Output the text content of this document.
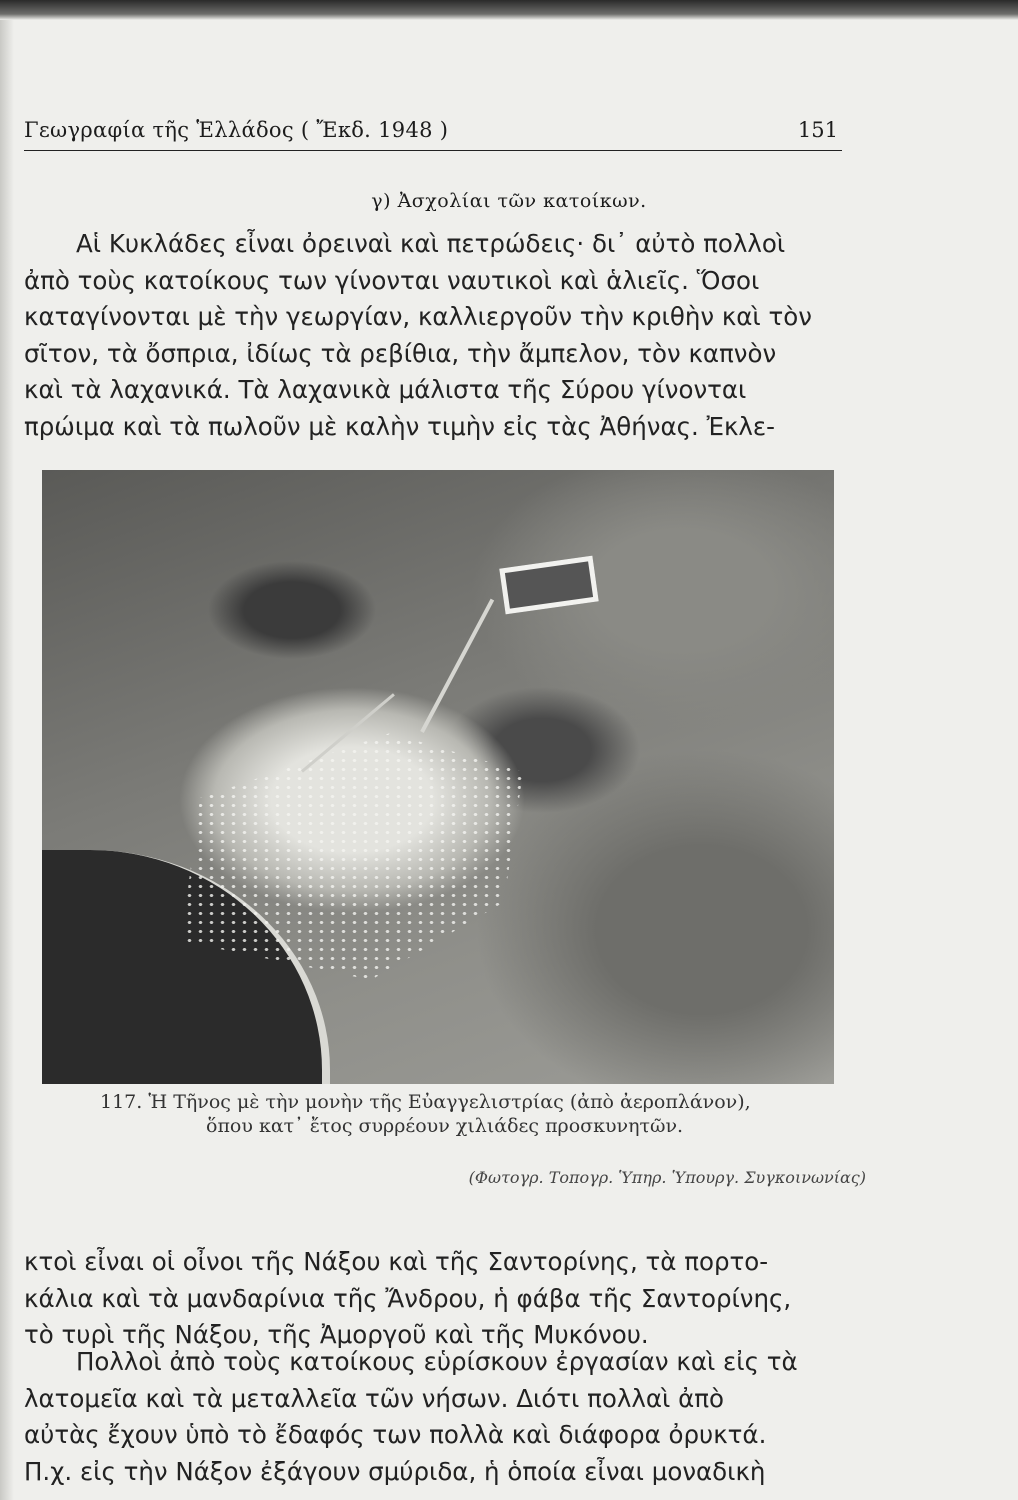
Γεωγραφία τῆς Ἑλλάδος ( Ἔκδ. 1948 )	151
γ) Ἀσχολίαι τῶν κατοίκων.
Αἱ Κυκλάδες εἶναι ὀρειναὶ καὶ πετρώδεις· δι᾽ αὐτὸ πολλοὶ
ἀπὸ τοὺς κατοίκους των γίνονται ναυτικοὶ καὶ ἁλιεῖς. Ὅσοι
καταγίνονται μὲ τὴν γεωργίαν, καλλιεργοῦν τὴν κριθὴν καὶ τὸν
σῖτον, τὰ ὄσπρια, ἰδίως τὰ ρεβίθια, τὴν ἄμπελον, τὸν καπνὸν
καὶ τὰ λαχανικά. Τὰ λαχανικὰ μάλιστα τῆς Σύρου γίνονται
πρώιμα καὶ τὰ πωλοῦν μὲ καλὴν τιμὴν εἰς τὰς Ἀθήνας. Ἐκλε-
117. Ἡ Τῆνος μὲ τὴν μονὴν τῆς Εὐαγγελιστρίας (ἀπὸ ἀεροπλάνον),
ὅπου κατ᾽ ἔτος συρρέουν χιλιάδες προσκυνητῶν.
(Φωτογρ. Τοπογρ. Ὑπηρ. Ὑπουργ. Συγκοινωνίας)
κτοὶ εἶναι οἱ οἶνοι τῆς Νάξου καὶ τῆς Σαντορίνης, τὰ πορτο-
κάλια καὶ τὰ μανδαρίνια τῆς Ἄνδρου, ἡ φάβα τῆς Σαντορίνης,
τὸ τυρὶ τῆς Νάξου, τῆς Ἀμοργοῦ καὶ τῆς Μυκόνου.
Πολλοὶ ἀπὸ τοὺς κατοίκους εὑρίσκουν ἐργασίαν καὶ εἰς τὰ
λατομεῖα καὶ τὰ μεταλλεῖα τῶν νήσων. Διότι πολλαὶ ἀπὸ
αὐτὰς ἔχουν ὑπὸ τὸ ἔδαφός των πολλὰ καὶ διάφορα ὀρυκτά.
Π.χ. εἰς τὴν Νάξον ἐξάγουν σμύριδα, ἡ ὁποία εἶναι μοναδικὴ
